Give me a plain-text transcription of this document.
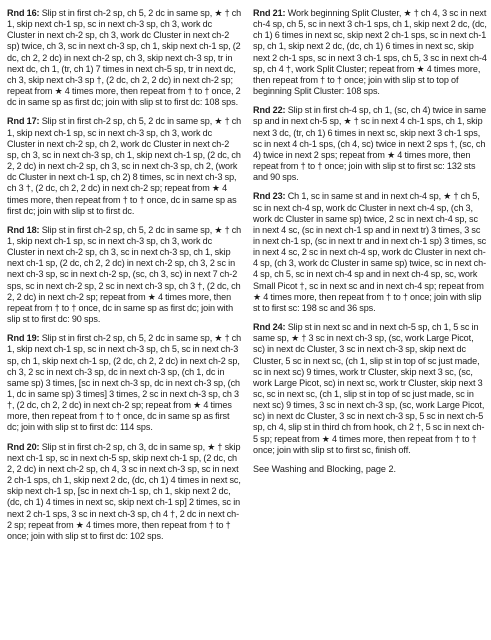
Rnd 16: Slip st in first ch-2 sp, ch 5, 2 dc in same sp, ★ † ch 1, skip next ch-1 sp, sc in next ch-3 sp, ch 3, work dc Cluster in next ch-2 sp, ch 3, work dc Cluster in next ch-2 sp) twice, ch 3, sc in next ch-3 sp, ch 1, skip next ch-1 sp, (2 dc, ch 2, 2 dc) in next ch-2 sp, ch 3, skip next ch-3 sp, tr in next dc, ch 1, (tr, ch 1) 7 times in next ch-5 sp, tr in next dc, ch 3, skip next ch-3 sp †, (2 dc, ch 2, 2 dc) in next ch-2 sp; repeat from ★ 4 times more, then repeat from † to † once, 2 dc in same sp as first dc; join with slip st to first dc: 108 sps.

Rnd 17: Slip st in first ch-2 sp, ch 5, 2 dc in same sp, ★ † ch 1, skip next ch-1 sp, sc in next ch-3 sp, ch 3, work dc Cluster in next ch-2 sp, ch 2, work dc Cluster in next ch-2 sp, ch 3, sc in next ch-3 sp, ch 1, skip next ch-1 sp, (2 dc, ch 2, 2 dc) in next ch-2 sp, ch 3, sc in next ch-3 sp, ch 2, (work dc Cluster in next ch-1 sp, ch 2) 8 times, sc in next ch-3 sp, ch 3 †, (2 dc, ch 2, 2 dc) in next ch-2 sp; repeat from ★ 4 times more, then repeat from † to † once, dc in same sp as first dc; join with slip st to first dc.

Rnd 18: Slip st in first ch-2 sp, ch 5, 2 dc in same sp, ★ † ch 1, skip next ch-1 sp, sc in next ch-3 sp, ch 3, work dc Cluster in next ch-2 sp, ch 3, sc in next ch-3 sp, ch 1, skip next ch-1 sp, (2 dc, ch 2, 2 dc) in next ch-2 sp, ch 3, 2 sc in next ch-3 sp, sc in next ch-2 sp, (sc, ch 3, sc) in next 7 ch-2 sps, sc in next ch-2 sp, 2 sc in next ch-3 sp, ch 3 †, (2 dc, ch 2, 2 dc) in next ch-2 sp; repeat from ★ 4 times more, then repeat from † to † once, dc in same sp as first dc; join with slip st to first dc: 90 sps.

Rnd 19: Slip st in first ch-2 sp, ch 5, 2 dc in same sp, ★ † ch 1, skip next ch-1 sp, sc in next ch-3 sp, ch 5, sc in next ch-3 sp, ch 1, skip next ch-1 sp, (2 dc, ch 2, 2 dc) in next ch-2 sp, ch 3, 2 sc in next ch-3 sp, dc in next ch-3 sp, (ch 1, dc in same sp) 3 times, [sc in next ch-3 sp, dc in next ch-3 sp, (ch 1, dc in same sp) 3 times] 3 times, 2 sc in next ch-3 sp, ch 3 †, (2 dc, ch 2, 2 dc) in next ch-2 sp; repeat from ★ 4 times more, then repeat from † to † once, dc in same sp as first dc; join with slip st to first dc: 114 sps.

Rnd 20: Slip st in first ch-2 sp, ch 3, dc in same sp, ★ † skip next ch-1 sp, sc in next ch-5 sp, skip next ch-1 sp, (2 dc, ch 2, 2 dc) in next ch-2 sp, ch 4, 3 sc in next ch-3 sp, sc in next 2 ch-1 sps, ch 1, skip next 2 dc, (dc, ch 1) 4 times in next sc, skip next ch-1 sp, [sc in next ch-1 sp, ch 1, skip next 2 dc, (dc, ch 1) 4 times in next sc, skip next ch-1 sp] 2 times, sc in next 2 ch-1 sps, 3 sc in next ch-3 sp, ch 4 †, 2 dc in next ch-2 sp; repeat from ★ 4 times more, then repeat from † to † once; join with slip st to first dc: 102 sps.

Rnd 21: Work beginning Split Cluster, ★ † ch 4, 3 sc in next ch-4 sp, ch 5, sc in next 3 ch-1 sps, ch 1, skip next 2 dc, (dc, ch 1) 6 times in next sc, skip next 2 ch-1 sps, sc in next ch-1 sp, ch 1, skip next 2 dc, (dc, ch 1) 6 times in next sc, skip next 2 ch-1 sps, sc in next 3 ch-1 sps, ch 5, 3 sc in next ch-4 sp, ch 4 †, work Split Cluster; repeat from ★ 4 times more, then repeat from † to † once; join with slip st to top of beginning Split Cluster: 108 sps.

Rnd 22: Slip st in first ch-4 sp, ch 1, (sc, ch 4) twice in same sp and in next ch-5 sp, ★ † sc in next 4 ch-1 sps, ch 1, skip next 3 dc, (tr, ch 1) 6 times in next sc, skip next 3 ch-1 sps, sc in next 4 ch-1 sps, (ch 4, sc) twice in next 2 sps †, (sc, ch 4) twice in next 2 sps; repeat from ★ 4 times more, then repeat from † to † once; join with slip st to first sc: 132 sts and 90 sps.

Rnd 23: Ch 1, sc in same st and in next ch-4 sp, ★ † ch 5, sc in next ch-4 sp, work dc Cluster in next ch-4 sp, (ch 3, work dc Cluster in same sp) twice, 2 sc in next ch-4 sp, sc in next 4 sc, (sc in next ch-1 sp and in next tr) 3 times, 3 sc in next ch-1 sp, (sc in next tr and in next ch-1 sp) 3 times, sc in next 4 sc, 2 sc in next ch-4 sp, work dc Cluster in next ch-4 sp, (ch 3, work dc Cluster in same sp) twice, sc in next ch-4 sp, ch 5, sc in next ch-4 sp and in next ch-4 sp, sc, work Small Picot †, sc in next sc and in next ch-4 sp; repeat from ★ 4 times more, then repeat from † to † once; join with slip st to first sc: 198 sc and 36 sps.

Rnd 24: Slip st in next sc and in next ch-5 sp, ch 1, 5 sc in same sp, ★ † 3 sc in next ch-3 sp, (sc, work Large Picot, sc) in next dc Cluster, 3 sc in next ch-3 sp, skip next dc Cluster, 5 sc in next sc, (ch 1, slip st in top of sc just made, sc in next sc) 9 times, work tr Cluster, skip next 3 sc, (sc, work Large Picot, sc) in next sc, work tr Cluster, skip next 3 sc, sc in next sc, (ch 1, slip st in top of sc just made, sc in next sc) 9 times, 3 sc in next ch-3 sp, (sc, work Large Picot, sc) in next dc Cluster, 3 sc in next ch-3 sp, 5 sc in next ch-5 sp, ch 4, slip st in third ch from hook, ch 2 †, 5 sc in next ch-5 sp; repeat from ★ 4 times more, then repeat from † to † once; join with slip st to first sc, finish off.

See Washing and Blocking, page 2.
